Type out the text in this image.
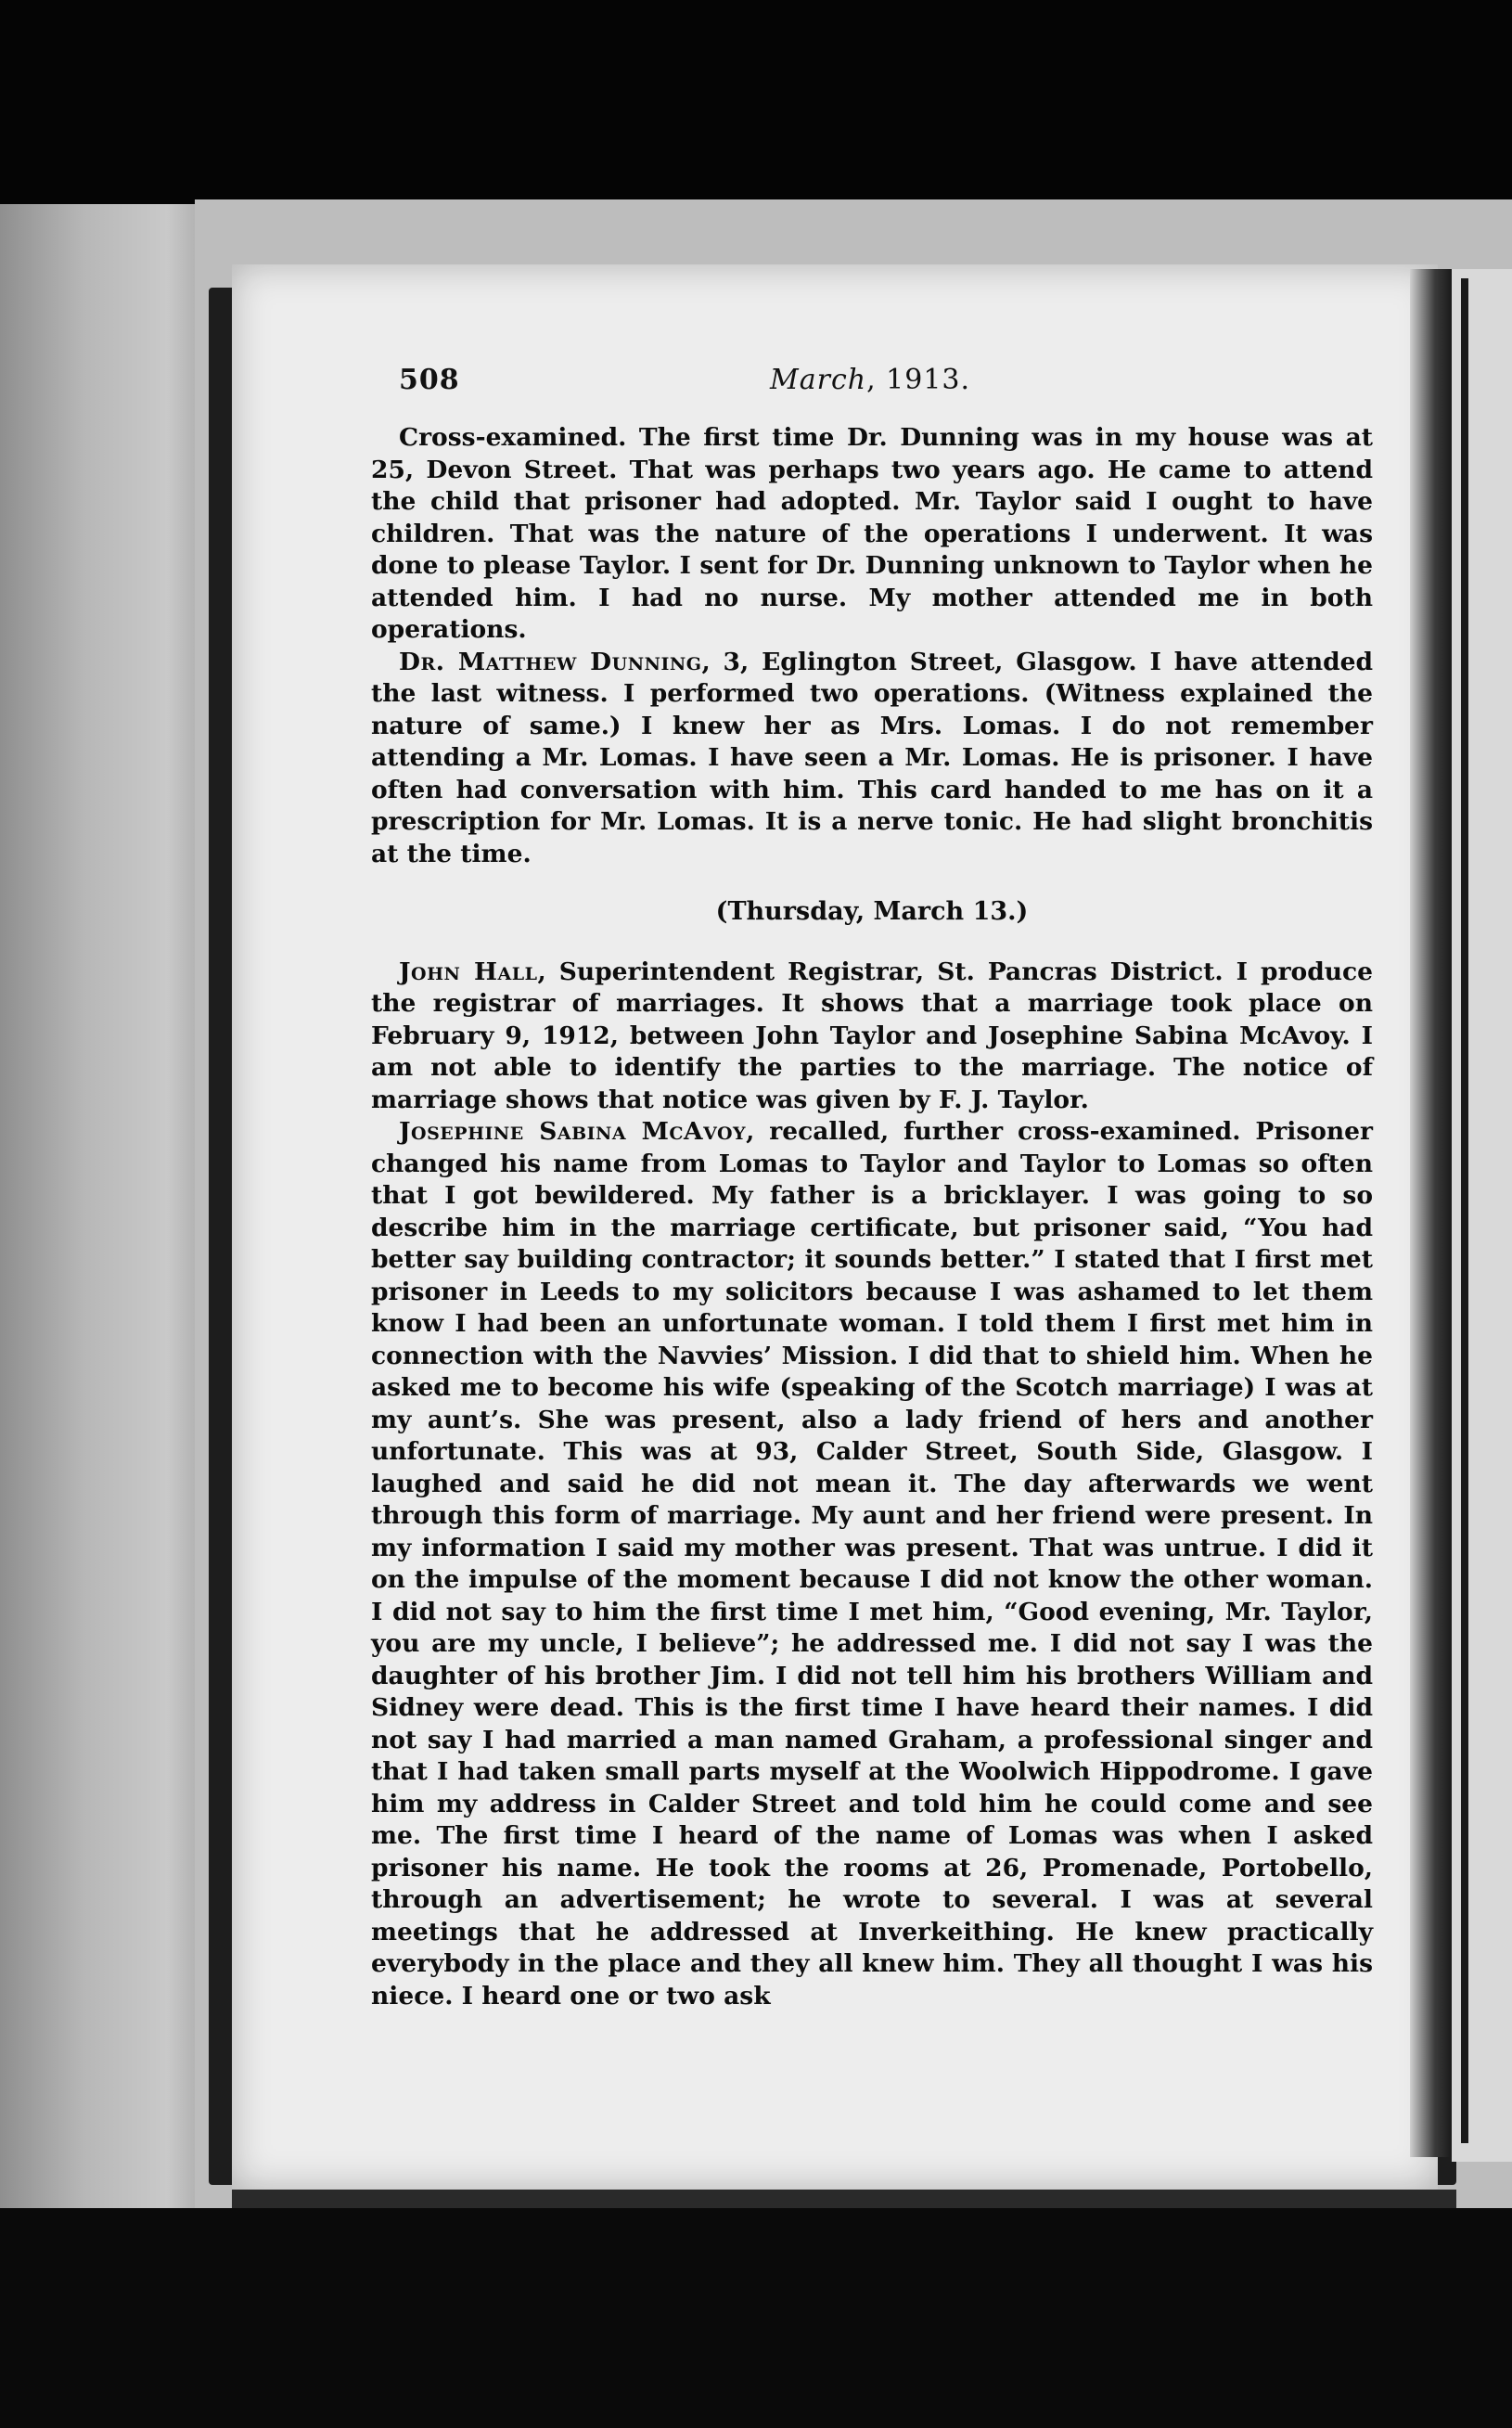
508	March, 1913.

Cross-examined. The first time Dr. Dunning was in my house was at 25, Devon Street. That was perhaps two years ago. He came to attend the child that prisoner had adopted. Mr. Taylor said I ought to have children. That was the nature of the operations I underwent. It was done to please Taylor. I sent for Dr. Dunning unknown to Taylor when he attended him. I had no nurse. My mother attended me in both operations.

Dr. Matthew Dunning, 3, Eglington Street, Glasgow. I have attended the last witness. I performed two operations. (Witness explained the nature of same.) I knew her as Mrs. Lomas. I do not remember attending a Mr. Lomas. I have seen a Mr. Lomas. He is prisoner. I have often had conversation with him. This card handed to me has on it a prescription for Mr. Lomas. It is a nerve tonic. He had slight bronchitis at the time.

(Thursday, March 13.)

John Hall, Superintendent Registrar, St. Pancras District. I produce the registrar of marriages. It shows that a marriage took place on February 9, 1912, between John Taylor and Josephine Sabina McAvoy. I am not able to identify the parties to the marriage. The notice of marriage shows that notice was given by F. J. Taylor.

Josephine Sabina McAvoy, recalled, further cross-examined. Prisoner changed his name from Lomas to Taylor and Taylor to Lomas so often that I got bewildered. My father is a bricklayer. I was going to so describe him in the marriage certificate, but prisoner said, “You had better say building contractor; it sounds better.” I stated that I first met prisoner in Leeds to my solicitors because I was ashamed to let them know I had been an unfortunate woman. I told them I first met him in connection with the Navvies’ Mission. I did that to shield him. When he asked me to become his wife (speaking of the Scotch marriage) I was at my aunt’s. She was present, also a lady friend of hers and another unfortunate. This was at 93, Calder Street, South Side, Glasgow. I laughed and said he did not mean it. The day afterwards we went through this form of marriage. My aunt and her friend were present. In my information I said my mother was present. That was untrue. I did it on the impulse of the moment because I did not know the other woman. I did not say to him the first time I met him, “Good evening, Mr. Taylor, you are my uncle, I believe”; he addressed me. I did not say I was the daughter of his brother Jim. I did not tell him his brothers William and Sidney were dead. This is the first time I have heard their names. I did not say I had married a man named Graham, a professional singer and that I had taken small parts myself at the Woolwich Hippodrome. I gave him my address in Calder Street and told him he could come and see me. The first time I heard of the name of Lomas was when I asked prisoner his name. He took the rooms at 26, Promenade, Portobello, through an advertisement; he wrote to several. I was at several meetings that he addressed at Inverkeithing. He knew practically everybody in the place and they all knew him. They all thought I was his niece. I heard one or two ask
